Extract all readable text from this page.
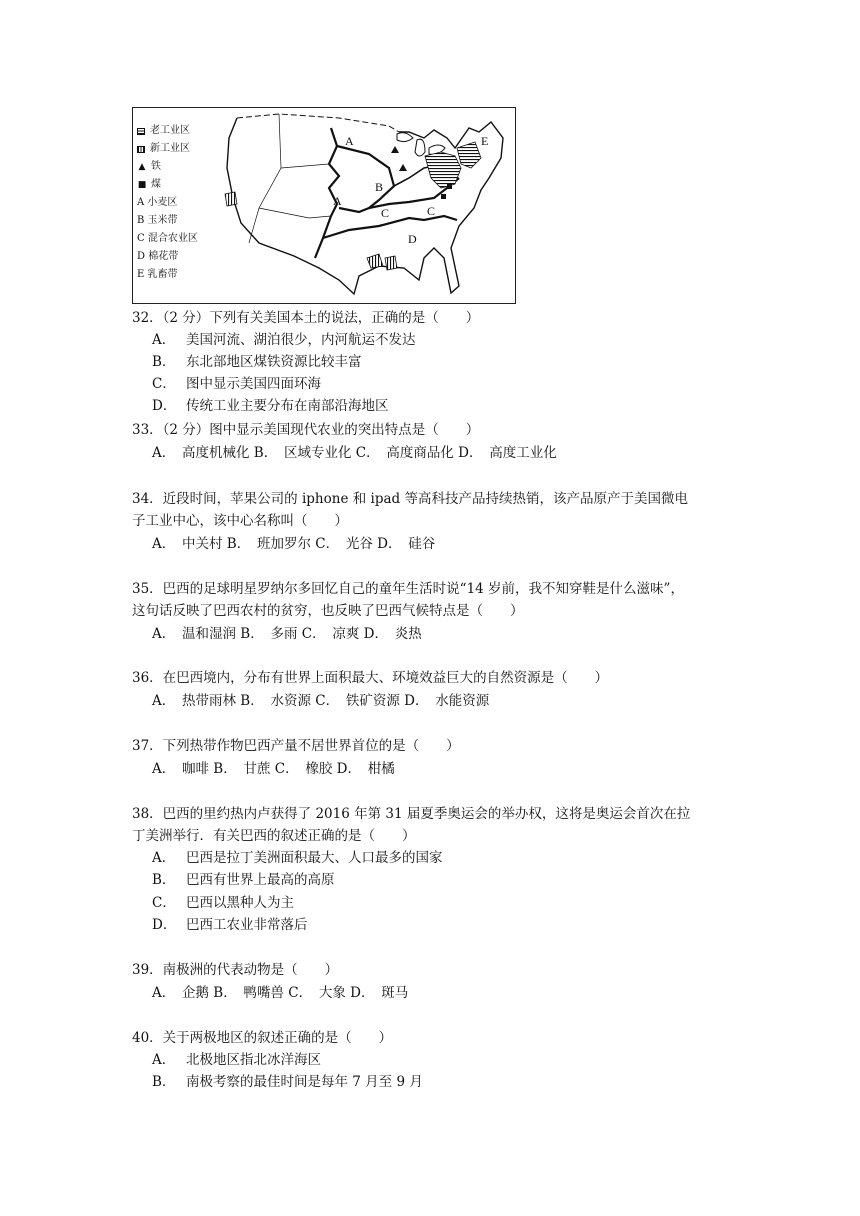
老工业区
新工业区
▲ 铁
■ 煤
A 小麦区
B 玉米带
C 混合农业区
D 棉花带
E 乳畜带
A
A
B
C	C
D
E
32．（2 分）下列有关美国本土的说法，正确的是（　　）
A． 美国河流、湖泊很少，内河航运不发达
B． 东北部地区煤铁资源比较丰富
C． 图中显示美国四面环海
D． 传统工业主要分布在南部沿海地区
33．（2 分）图中显示美国现代农业的突出特点是（　　）
A．　高度机械化 B．　区域专业化 C．　高度商品化 D．　高度工业化
34．近段时间，苹果公司的 iphone 和 ipad 等高科技产品持续热销，该产品原产于美国微电
子工业中心，该中心名称叫（　　）
A．　中关村 B．　班加罗尔 C．　光谷 D．　硅谷
35．巴西的足球明星罗纳尔多回忆自己的童年生活时说“14 岁前，我不知穿鞋是什么滋味”，
这句话反映了巴西农村的贫穷，也反映了巴西气候特点是（　　）
A．　温和湿润 B．　多雨 C．　凉爽 D．　炎热
36．在巴西境内，分布有世界上面积最大、环境效益巨大的自然资源是（　　）
A．　热带雨林 B．　水资源 C．　铁矿资源 D．　水能资源
37．下列热带作物巴西产量不居世界首位的是（　　）
A．　咖啡 B．　甘蔗 C．　橡胶 D．　柑橘
38．巴西的里约热内卢获得了 2016 年第 31 届夏季奥运会的举办权，这将是奥运会首次在拉
丁美洲举行．有关巴西的叙述正确的是（　　）
A． 巴西是拉丁美洲面积最大、人口最多的国家
B． 巴西有世界上最高的高原
C． 巴西以黑种人为主
D． 巴西工农业非常落后
39．南极洲的代表动物是（　　）
A．　企鹅 B．　鸭嘴兽 C．　大象 D．　斑马
40．关于两极地区的叙述正确的是（　　）
A． 北极地区指北冰洋海区
B． 南极考察的最佳时间是每年 7 月至 9 月
